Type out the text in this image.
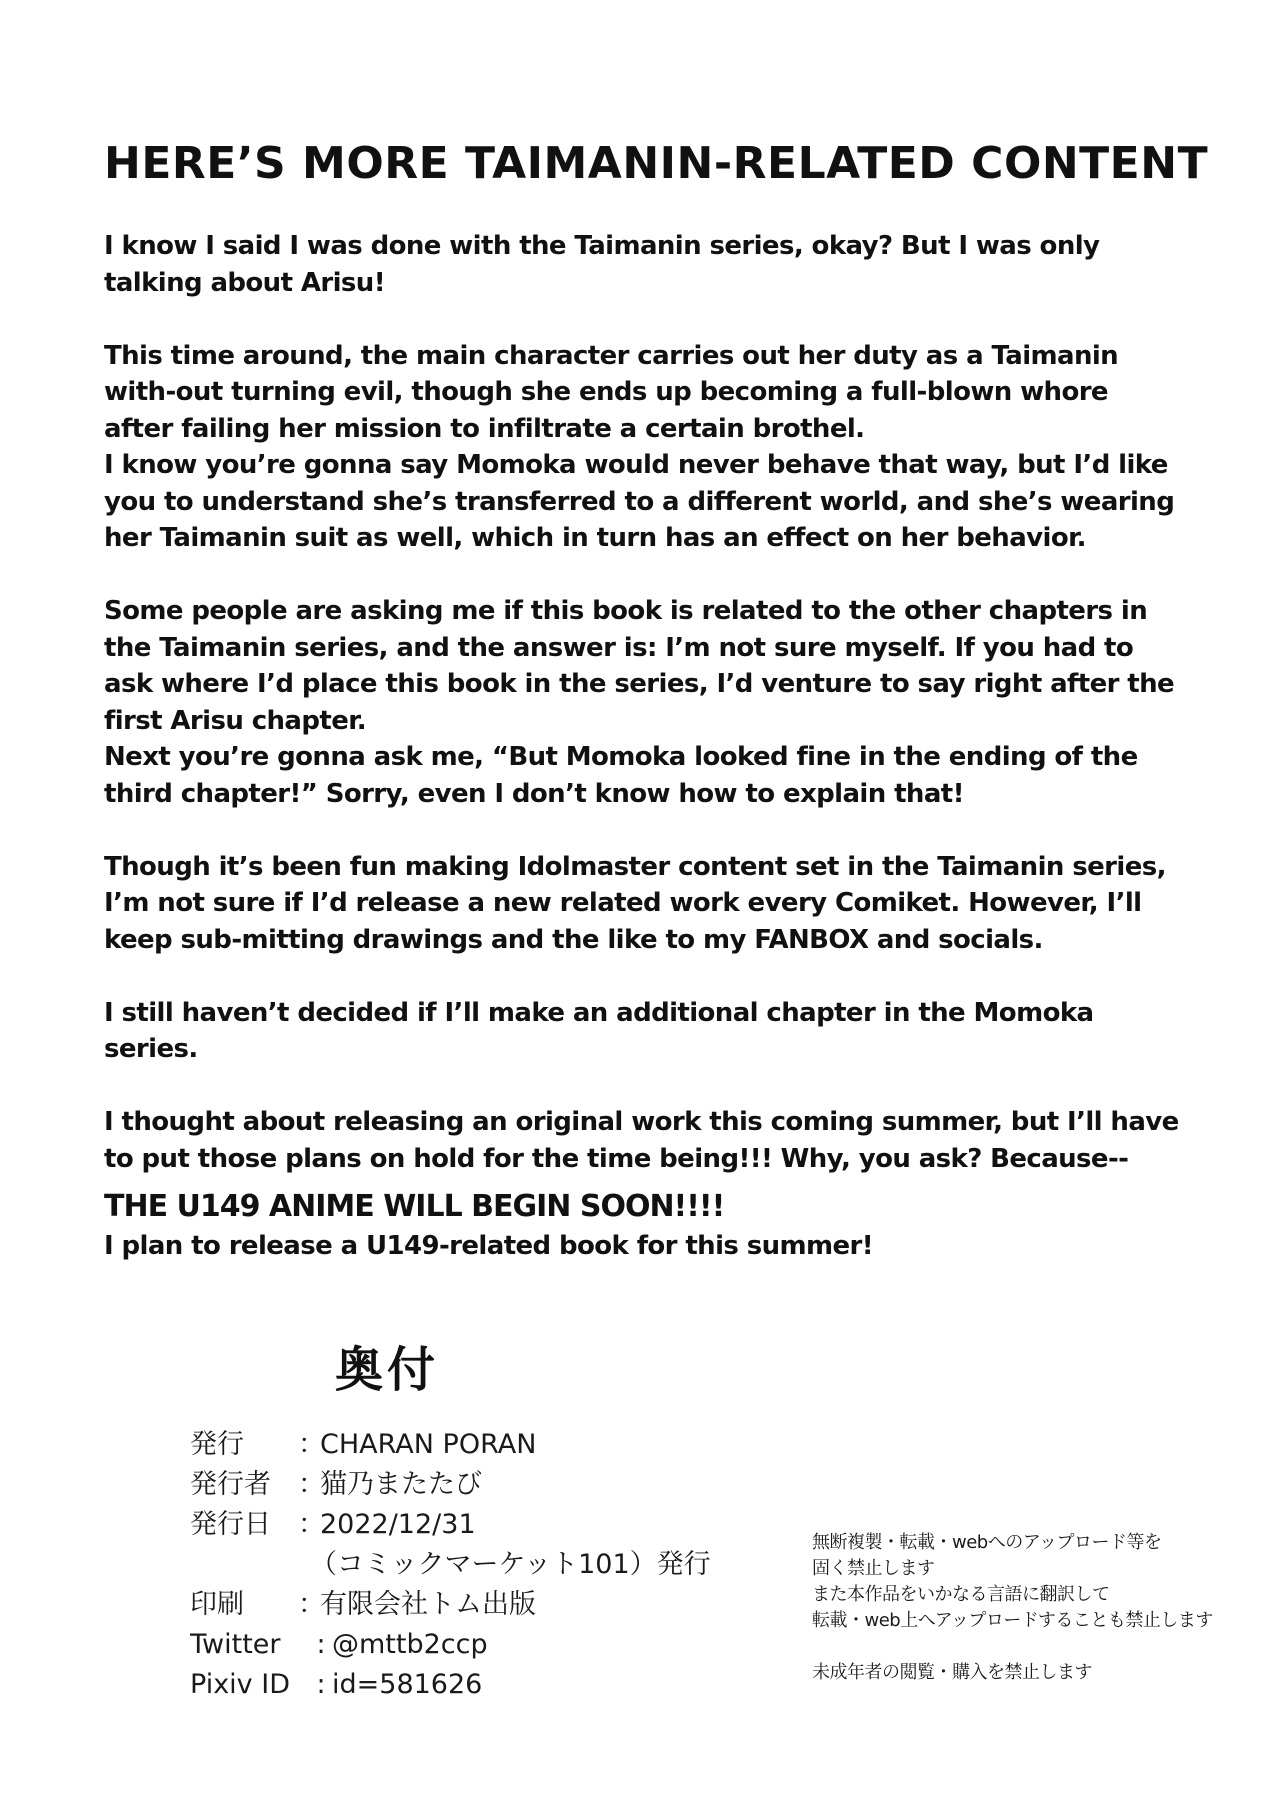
HERE’S MORE TAIMANIN-RELATED CONTENT

I know I said I was done with the Taimanin series, okay? But I was only talking about Arisu!

This time around, the main character carries out her duty as a Taimanin with-out turning evil, though she ends up becoming a full-blown whore after failing her mission to infiltrate a certain brothel.

I know you’re gonna say Momoka would never behave that way, but I’d like you to understand she’s transferred to a different world, and she’s wearing her Taimanin suit as well, which in turn has an effect on her behavior.

Some people are asking me if this book is related to the other chapters in the Taimanin series, and the answer is: I’m not sure myself. If you had to ask where I’d place this book in the series, I’d venture to say right after the first Arisu chapter.

Next you’re gonna ask me, “But Momoka looked fine in the ending of the third chapter!” Sorry, even I don’t know how to explain that!

Though it’s been fun making Idolmaster content set in the Taimanin series, I’m not sure if I’d release a new related work every Comiket. However, I’ll keep sub-mitting drawings and the like to my FANBOX and socials.

I still haven’t decided if I’ll make an additional chapter in the Momoka series.

I thought about releasing an original work this coming summer, but I’ll have to put those plans on hold for the time being!!! Why, you ask? Because--

THE U149 ANIME WILL BEGIN SOON!!!!
I plan to release a U149-related book for this summer!
奥付
発行	：
CHARAN PORAN
発行者	：
猫乃またたび
発行日	：
2022/12/31
（コミックマーケット101）発行
印刷	：
有限会社トム出版
Twitter	: @mttb2ccp
Pixiv ID : id=581626

無断複製・転載・webへのアップロード等を

固く禁止します

また本作品をいかなる言語に翻訳して

転載・web上へアップロードすることも禁止します

未成年者の閲覧・購入を禁止します
